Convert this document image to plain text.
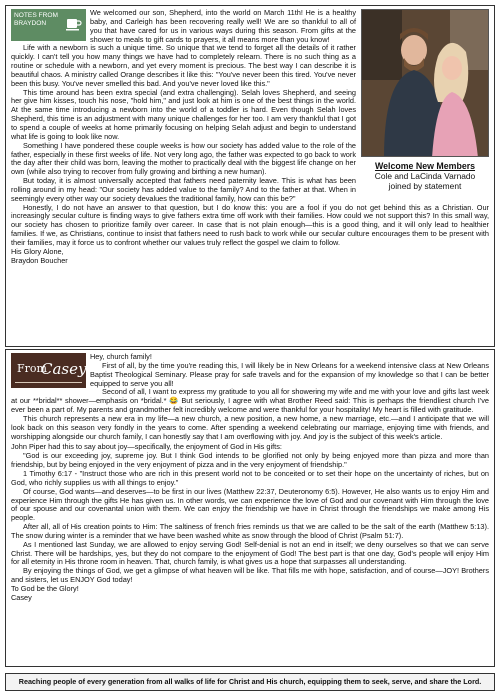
NOTES FROM
BRAYDON
Welcome New Members
Cole and LaCinda Varnado
joined by statement

We welcomed our son, Shepherd, into the world on March 11th! He is a healthy baby, and Carleigh has been recovering really well! We are so thankful to all of you that have cared for us in various ways during this season. From gifts at the shower to meals to gift cards to prayers, it all means more than you know!

Life with a newborn is such a unique time. So unique that we tend to forget all the details of it rather quickly. I can't tell you how many things we have had to completely relearn. There is no such thing as a routine or schedule with a newborn, and yet every moment is precious. The best way I can describe it is beautiful chaos. A ministry called Orange describes it like this: "You've never been this tired. You've never been this busy. You've never smelled this bad. And you've never loved like this."

This time around has been extra special (and extra challenging). Selah loves Shepherd, and seeing her give him kisses, touch his nose, "hold him," and just look at him is one of the best things in the world. At the same time introducing a newborn into the world of a toddler is hard. Even though Selah loves Shepherd, this time is an adjustment with many unique challenges for her too. I am very thankful that I got to spend a couple of weeks at home primarily focusing on helping Selah adjust and begin to understand what life is going to look like now.

Something I have pondered these couple weeks is how our society has added value to the role of the father, especially in these first weeks of life. Not very long ago, the father was expected to go back to work the day after their child was born, leaving the mother to practically deal with the biggest life change on her own (while also trying to recover from fully growing and birthing a new human).

But today, it is almost universally accepted that fathers need paternity leave. This is what has been rolling around in my head: "Our society has added value to the family? And to the father at that. When in seemingly every other way our society devalues the traditional family, how can this be?"

Honestly, I do not have an answer to that question, but I do know this: you are a fool if you do not get behind this as a Christian. Our increasingly secular culture is finding ways to give fathers extra time off work with their families. How could we not support this? In this small way, our society has chosen to prioritize family over career. In case that is not plain enough—this is a good thing, and it will only lead to healthier families. If we, as Christians, continue to insist that fathers need to rush back to work while our secular culture encourages them to be present with their families, may it force us to confront whether our values truly reflect the gospel we claim to follow.

His Glory Alone,

Braydon Boucher

From
Casey

Hey, church family!

First of all, by the time you're reading this, I will likely be in New Orleans for a weekend intensive class at New Orleans Baptist Theological Seminary. Please pray for safe travels and for the expansion of my knowledge so that I can be better equipped to serve you all!

Second of all, I want to express my gratitude to you all for showering my wife and me with your love and gifts last week at our **bridal** shower—emphasis on *bridal.* 😂 But seriously, I agree with what Brother Reed said: This is perhaps the friendliest church I've ever been a part of. My parents and grandmother felt incredibly welcome and were thankful for your hospitality! My heart is filled with gratitude.

This church represents a new era in my life—a new church, a new position, a new home, a new marriage, etc.—and I anticipate that we will look back on this season very fondly in the years to come. After spending a weekend celebrating our marriage, enjoying time with friends, and worshipping alongside our church family, I can honestly say that I am overflowing with joy. And joy is the subject of this week's article.

John Piper had this to say about joy—specifically, the enjoyment of God in His gifts:

"God is our exceeding joy, supreme joy. But I think God intends to be glorified not only by being enjoyed more than pizza and more than friendship, but by being enjoyed in the very enjoyment of pizza and in the very enjoyment of friendship."

1 Timothy 6:17 - "Instruct those who are rich in this present world not to be conceited or to set their hope on the uncertainty of riches, but on God, who richly supplies us with all things to enjoy."

Of course, God wants—and deserves—to be first in our lives (Matthew 22:37, Deuteronomy 6:5). However, He also wants us to enjoy Him and experience Him through the gifts He has given us. In other words, we can experience the love of God and our covenant with Him through the love of our spouse and our covenantal union with them. We can enjoy the friendship we have in Christ through the friendships we make among His people.

After all, all of His creation points to Him: The saltiness of french fries reminds us that we are called to be the salt of the earth (Matthew 5:13). The snow during winter is a reminder that we have been washed white as snow through the blood of Christ (Psalm 51:7).

As I mentioned last Sunday, we are allowed to enjoy serving God! Self-denial is not an end in itself; we deny ourselves so that we can serve Christ. There will be hardships, yes, but they do not compare to the enjoyment of God! The best part is that one day, God's people will enjoy Him for all eternity in His throne room in heaven. That, church family, is what gives us a hope that surpasses all understanding.

By enjoying the things of God, we get a glimpse of what heaven will be like. That fills me with hope, satisfaction, and of course—JOY! Brothers and sisters, let us ENJOY God today!

To God be the Glory!

Casey

Reaching people of every generation from all walks of life for Christ and His church, equipping them to seek, serve, and share the Lord.
